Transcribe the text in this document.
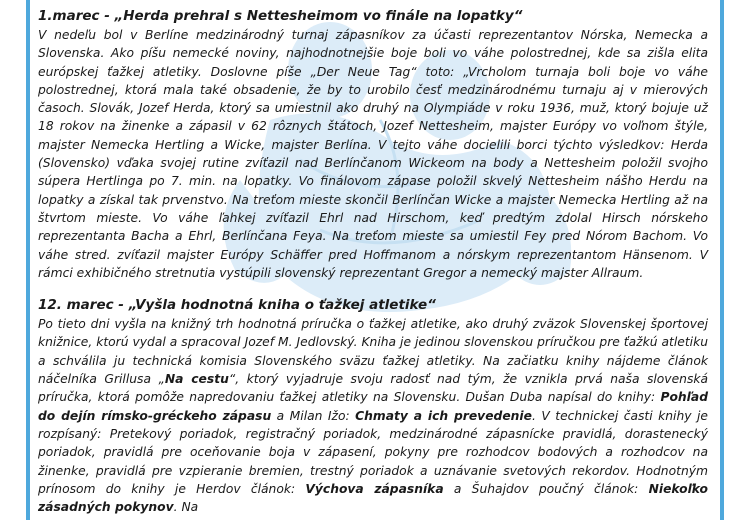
1.marec - „Herda prehral s Nettesheimom vo finále na lopatky“

V nedeľu bol v Berlíne medzinárodný turnaj zápasníkov za účasti reprezentantov Nórska, Nemecka a Slovenska. Ako píšu nemecké noviny, najhodnotnejšie boje boli vo váhe polostrednej, kde sa zišla elita európskej ťažkej atletiky. Doslovne píše „Der Neue Tag“ toto: „Vrcholom turnaja boli boje vo váhe polostrednej, ktorá mala také obsadenie, že by to urobilo česť medzinárodnému turnaju aj v mierových časoch. Slovák, Jozef Herda, ktorý sa umiestnil ako druhý na Olympiáde v roku 1936, muž, ktorý bojuje už 18 rokov na žinenke a zápasil v 62 rôznych štátoch, Jozef Nettesheim, majster Európy vo voľnom štýle, majster Nemecka Hertling a Wicke, majster Berlína. V tejto váhe docielili borci týchto výsledkov: Herda (Slovensko) vďaka svojej rutine zvíťazil nad Berlínčanom Wickeom na body a Nettesheim položil svojho súpera Hertlinga po 7. min. na lopatky. Vo finálovom zápase položil skvelý Nettesheim nášho Herdu na lopatky a získal tak prvenstvo. Na treťom mieste skončil Berlínčan Wicke a majster Nemecka Hertling až na štvrtom mieste. Vo váhe ľahkej zvíťazil Ehrl nad Hirschom, keď predtým zdolal Hirsch nórskeho reprezentanta Bacha a Ehrl, Berlínčana Feya. Na treťom mieste sa umiestil Fey pred Nórom Bachom. Vo váhe stred. zvíťazil majster Európy Schäffer pred Hoffmanom a nórskym reprezentantom Hänsenom. V rámci exhibičného stretnutia vystúpili slovenský reprezentant Gregor a nemecký majster Allraum.

12. marec - „Vyšla hodnotná kniha o ťažkej atletike“

Po tieto dni vyšla na knižný trh hodnotná príručka o ťažkej atletike, ako druhý zväzok Slovenskej športovej knižnice, ktorú vydal a spracoval Jozef M. Jedlovský. Kniha je jedinou slovenskou príručkou pre ťažkú atletiku a schválila ju technická komisia Slovenského sväzu ťažkej atletiky. Na začiatku knihy nájdeme článok náčelníka Grillusa „Na cestu“, ktorý vyjadruje svoju radosť nad tým, že vznikla prvá naša slovenská príručka, ktorá pomôže napredovaniu ťažkej atletiky na Slovensku. Dušan Duba napísal do knihy: Pohľad do dejín rímsko-gréckeho zápasu a Milan Ižo: Chmaty a ich prevedenie. V technickej časti knihy je rozpísaný: Pretekový poriadok, registračný poriadok, medzinárodné zápasnícke pravidlá, dorastenecký poriadok, pravidlá pre oceňovanie boja v zápasení, pokyny pre rozhodcov bodových a rozhodcov na žinenke, pravidlá pre vzpieranie bremien, trestný poriadok a uznávanie svetových rekordov. Hodnotným prínosom do knihy je Herdov článok: Výchova zápasníka a Šuhajdov poučný článok: Niekoľko zásadných pokynov. Na
